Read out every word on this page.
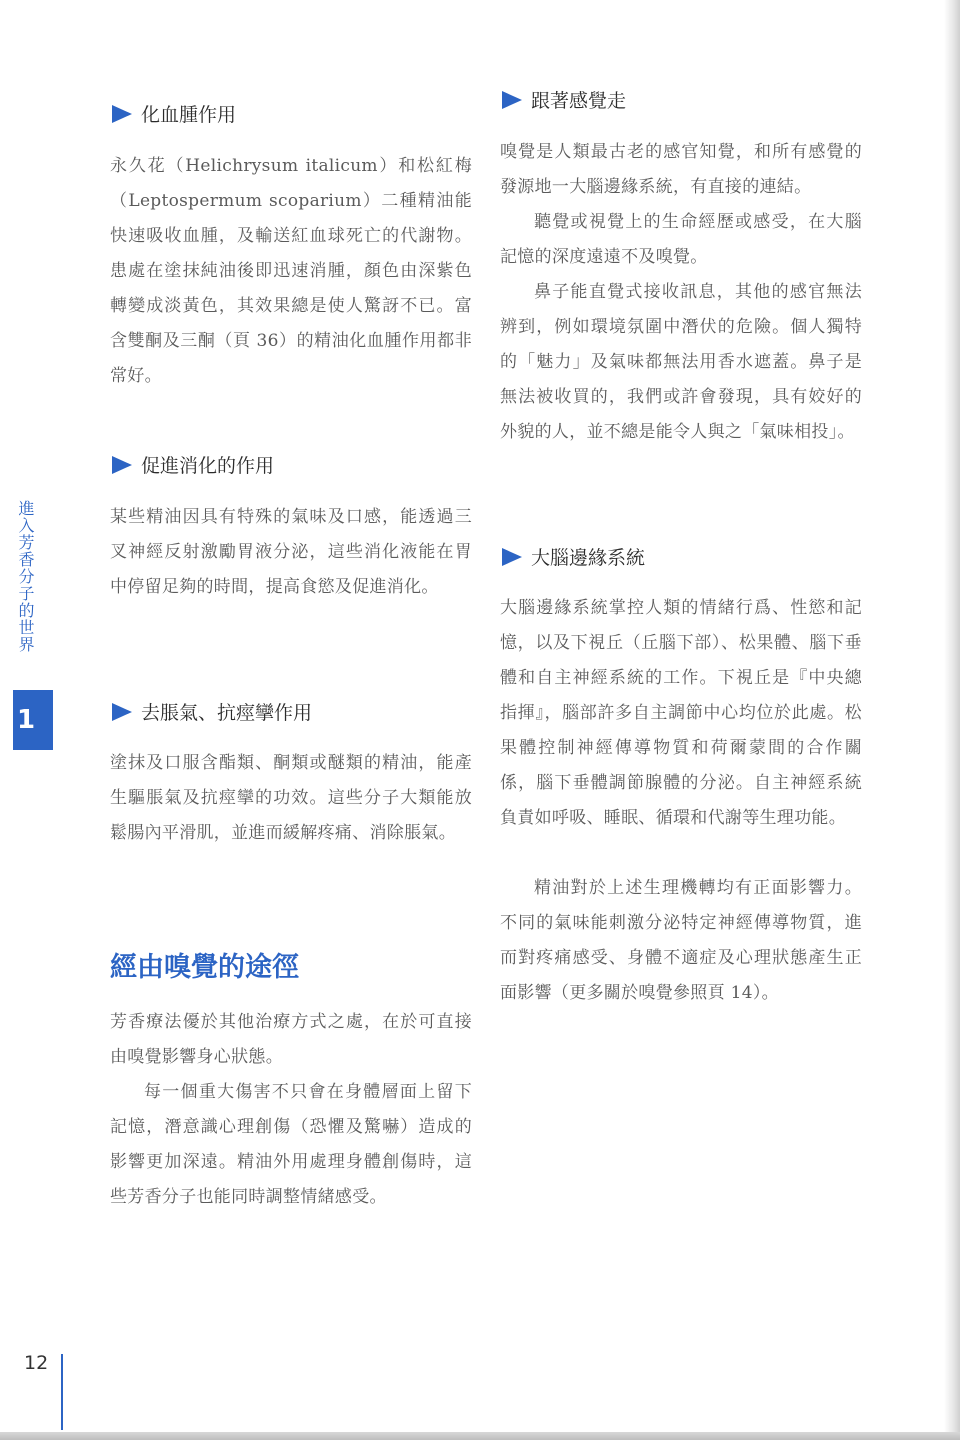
化血腫作用

永久花（Helichrysum italicum）和松紅梅（Leptospermum scoparium）二種精油能快速吸收血腫，及輸送紅血球死亡的代謝物。患處在塗抹純油後即迅速消腫，顏色由深紫色轉變成淡黃色，其效果總是使人驚訝不已。富含雙酮及三酮（頁 36）的精油化血腫作用都非常好。

促進消化的作用

某些精油因具有特殊的氣味及口感，能透過三叉神經反射激勵胃液分泌，這些消化液能在胃中停留足夠的時間，提高食慾及促進消化。

去脹氣、抗痙攣作用

塗抹及口服含酯類、酮類或醚類的精油，能產生驅脹氣及抗痙攣的功效。這些分子大類能放鬆腸內平滑肌，並進而緩解疼痛、消除脹氣。

經由嗅覺的途徑

芳香療法優於其他治療方式之處，在於可直接由嗅覺影響身心狀態。

每一個重大傷害不只會在身體層面上留下記憶，潛意識心理創傷（恐懼及驚嚇）造成的影響更加深遠。精油外用處理身體創傷時，這些芳香分子也能同時調整情緒感受。

跟著感覺走

嗅覺是人類最古老的感官知覺，和所有感覺的發源地一大腦邊緣系統，有直接的連結。

聽覺或視覺上的生命經歷或感受，在大腦記憶的深度遠遠不及嗅覺。

鼻子能直覺式接收訊息，其他的感官無法辨到，例如環境氛圍中潛伏的危險。個人獨特的「魅力」及氣味都無法用香水遮蓋。鼻子是無法被收買的，我們或許會發現，具有姣好的外貌的人，並不總是能令人與之「氣味相投」。

大腦邊緣系統

大腦邊緣系統掌控人類的情緒行爲、性慾和記憶，以及下視丘（丘腦下部）、松果體、腦下垂體和自主神經系統的工作。下視丘是『中央總指揮』，腦部許多自主調節中心均位於此處。松果體控制神經傳導物質和荷爾蒙間的合作關係，腦下垂體調節腺體的分泌。自主神經系統負責如呼吸、睡眠、循環和代謝等生理功能。

精油對於上述生理機轉均有正面影響力。不同的氣味能刺激分泌特定神經傳導物質，進而對疼痛感受、身體不適症及心理狀態產生正面影響（更多關於嗅覺參照頁 14）。

進入芳香分子的世界
1
12
